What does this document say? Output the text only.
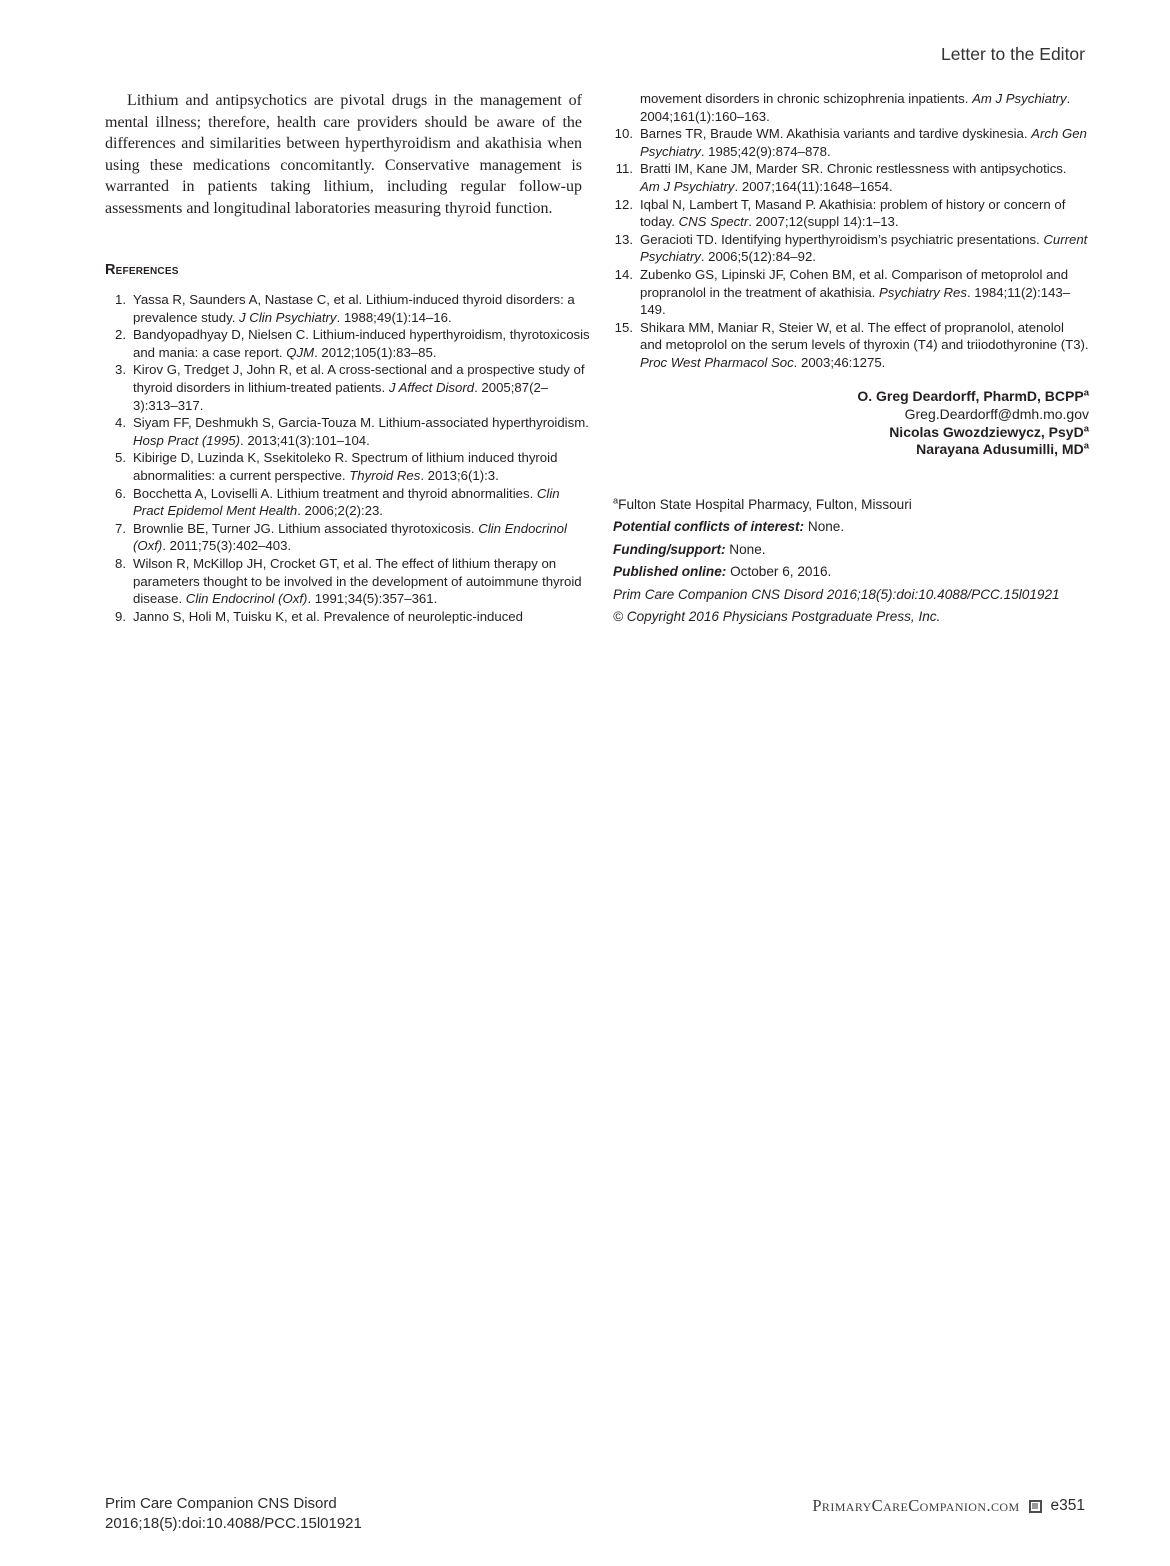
Letter to the Editor

Lithium and antipsychotics are pivotal drugs in the management of mental illness; therefore, health care providers should be aware of the differences and similarities between hyperthyroidism and akathisia when using these medications concomitantly. Conservative management is warranted in patients taking lithium, including regular follow-up assessments and longitudinal laboratories measuring thyroid function.

References
1. Yassa R, Saunders A, Nastase C, et al. Lithium-induced thyroid disorders: a prevalence study. J Clin Psychiatry. 1988;49(1):14–16.
2. Bandyopadhyay D, Nielsen C. Lithium-induced hyperthyroidism, thyrotoxicosis and mania: a case report. QJM. 2012;105(1):83–85.
3. Kirov G, Tredget J, John R, et al. A cross-sectional and a prospective study of thyroid disorders in lithium-treated patients. J Affect Disord. 2005;87(2–3):313–317.
4. Siyam FF, Deshmukh S, Garcia-Touza M. Lithium-associated hyperthyroidism. Hosp Pract (1995). 2013;41(3):101–104.
5. Kibirige D, Luzinda K, Ssekitoleko R. Spectrum of lithium induced thyroid abnormalities: a current perspective. Thyroid Res. 2013;6(1):3.
6. Bocchetta A, Loviselli A. Lithium treatment and thyroid abnormalities. Clin Pract Epidemol Ment Health. 2006;2(2):23.
7. Brownlie BE, Turner JG. Lithium associated thyrotoxicosis. Clin Endocrinol (Oxf). 2011;75(3):402–403.
8. Wilson R, McKillop JH, Crocket GT, et al. The effect of lithium therapy on parameters thought to be involved in the development of autoimmune thyroid disease. Clin Endocrinol (Oxf). 1991;34(5):357–361.
9. Janno S, Holi M, Tuisku K, et al. Prevalence of neuroleptic-induced
movement disorders in chronic schizophrenia inpatients. Am J Psychiatry. 2004;161(1):160–163.
10. Barnes TR, Braude WM. Akathisia variants and tardive dyskinesia. Arch Gen Psychiatry. 1985;42(9):874–878.
11. Bratti IM, Kane JM, Marder SR. Chronic restlessness with antipsychotics. Am J Psychiatry. 2007;164(11):1648–1654.
12. Iqbal N, Lambert T, Masand P. Akathisia: problem of history or concern of today. CNS Spectr. 2007;12(suppl 14):1–13.
13. Geracioti TD. Identifying hyperthyroidism’s psychiatric presentations. Current Psychiatry. 2006;5(12):84–92.
14. Zubenko GS, Lipinski JF, Cohen BM, et al. Comparison of metoprolol and propranolol in the treatment of akathisia. Psychiatry Res. 1984;11(2):143–149.
15. Shikara MM, Maniar R, Steier W, et al. The effect of propranolol, atenolol and metoprolol on the serum levels of thyroxin (T4) and triiodothyronine (T3). Proc West Pharmacol Soc. 2003;46:1275.
O. Greg Deardorff, PharmD, BCPP$^a$
Greg.Deardorff@dmh.mo.gov
Nicolas Gwozdziewycz, PsyD$^a$
Narayana Adusumilli, $MD^a$
$^a$Fulton State Hospital Pharmacy, Fulton, Missouri
Potential conflicts of interest: None.
Funding/support: None.
Published online: October 6, 2016.
Prim Care Companion CNS Disord 2016;18(5):doi:10.4088/PCC.15l01921
© Copyright 2016 Physicians Postgraduate Press, Inc.
Prim Care Companion CNS Disord
2016;18(5):doi:10.4088/PCC.15l01921
PrimaryCareCompanion.com e351
